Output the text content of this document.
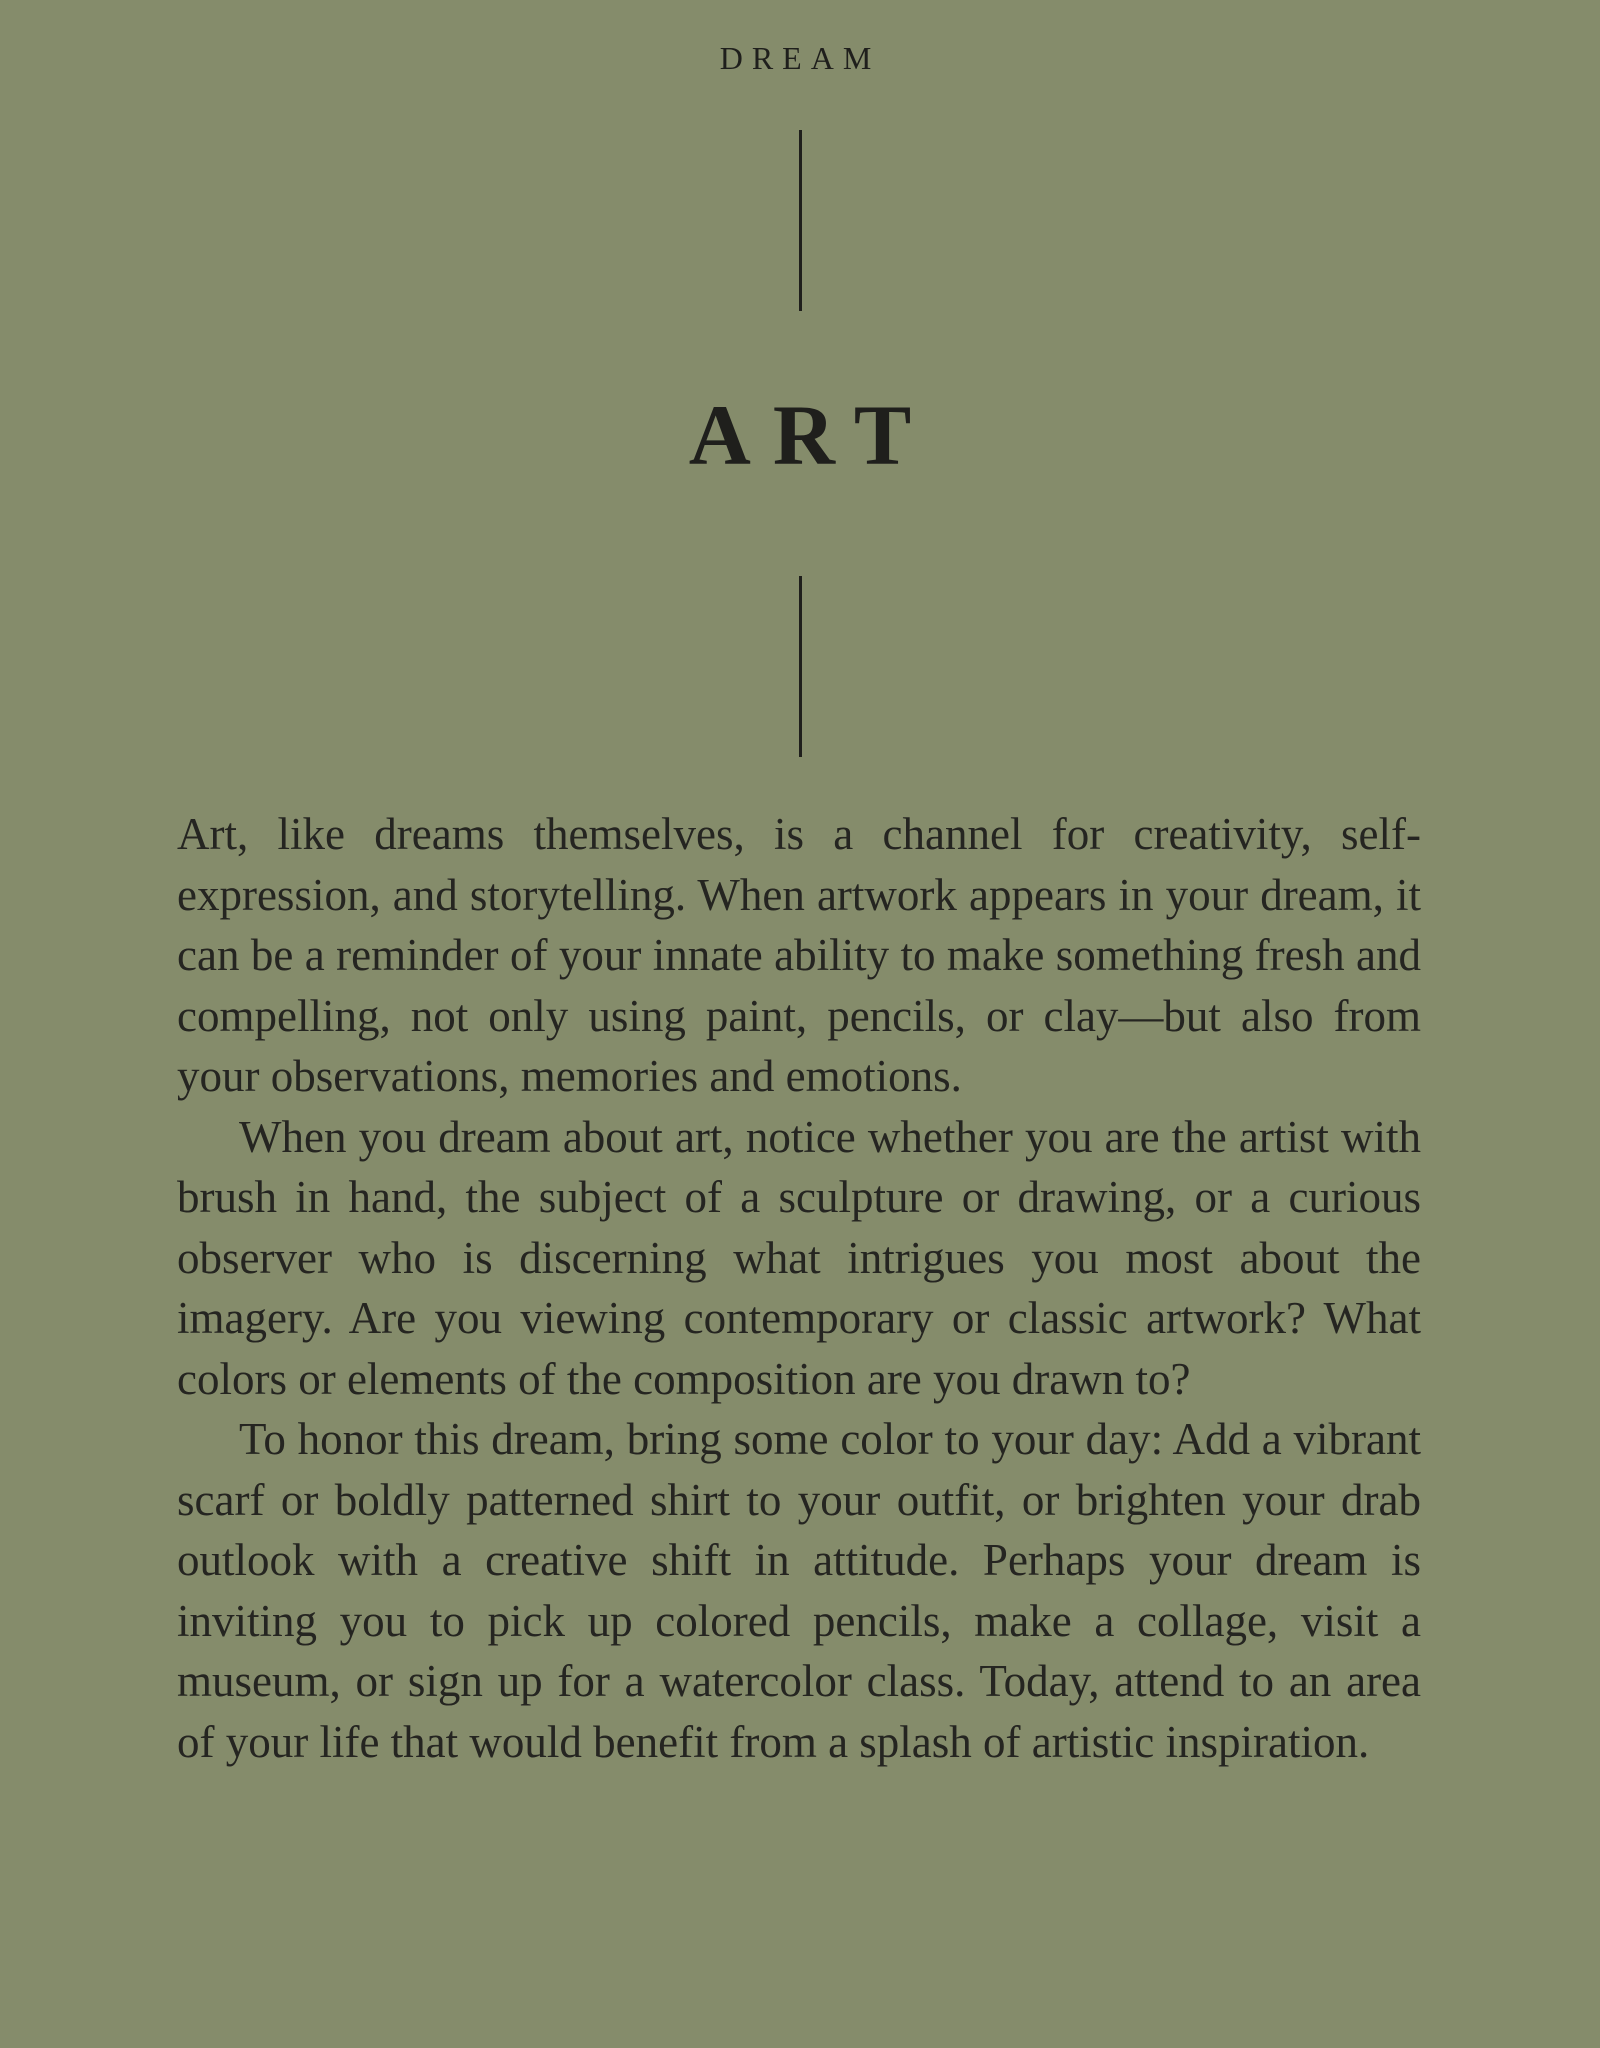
DREAM
ART

Art, like dreams themselves, is a channel for creativity, self-expression, and storytelling. When artwork appears in your dream, it can be a reminder of your innate ability to make something fresh and compelling, not only using paint, pencils, or clay—but also from your observations, memories and emotions.

When you dream about art, notice whether you are the artist with brush in hand, the subject of a sculpture or drawing, or a curious observer who is discerning what intrigues you most about the imagery. Are you viewing contemporary or classic artwork? What colors or elements of the composition are you drawn to?

To honor this dream, bring some color to your day: Add a vibrant scarf or boldly patterned shirt to your outfit, or brighten your drab outlook with a creative shift in attitude. Perhaps your dream is inviting you to pick up colored pencils, make a collage, visit a museum, or sign up for a watercolor class. Today, attend to an area of your life that would benefit from a splash of artistic inspiration.
